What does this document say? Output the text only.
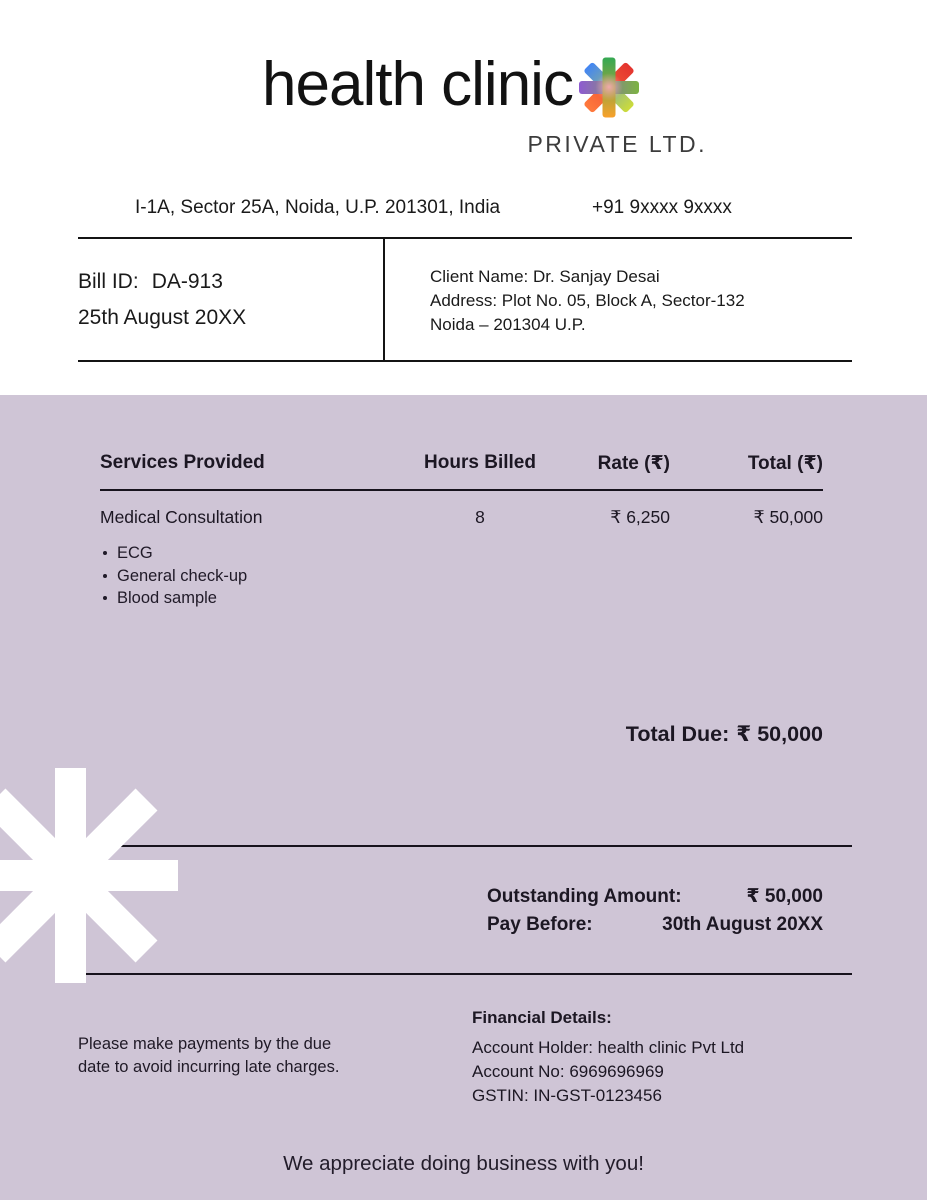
health clinic
PRIVATE LTD.
I-1A, Sector 25A, Noida, U.P. 201301, India	+91 9xxxx 9xxxx
Bill ID: DA-913
25th August 20XX
Client Name: Dr. Sanjay Desai
Address: Plot No. 05, Block A, Sector-132
Noida – 201304 U.P.
Services Provided	Hours Billed	Rate (₹)	Total (₹)
Medical Consultation	8	₹ 6,250	₹ 50,000
ECG
General check-up
Blood sample
Total Due: ₹ 50,000
Outstanding Amount:	₹ 50,000
Pay Before:	30th August 20XX
Please make payments by the due
date to avoid incurring late charges.
Financial Details:
Account Holder: health clinic Pvt Ltd
Account No: 6969696969
GSTIN: IN-GST-0123456
We appreciate doing business with you!
